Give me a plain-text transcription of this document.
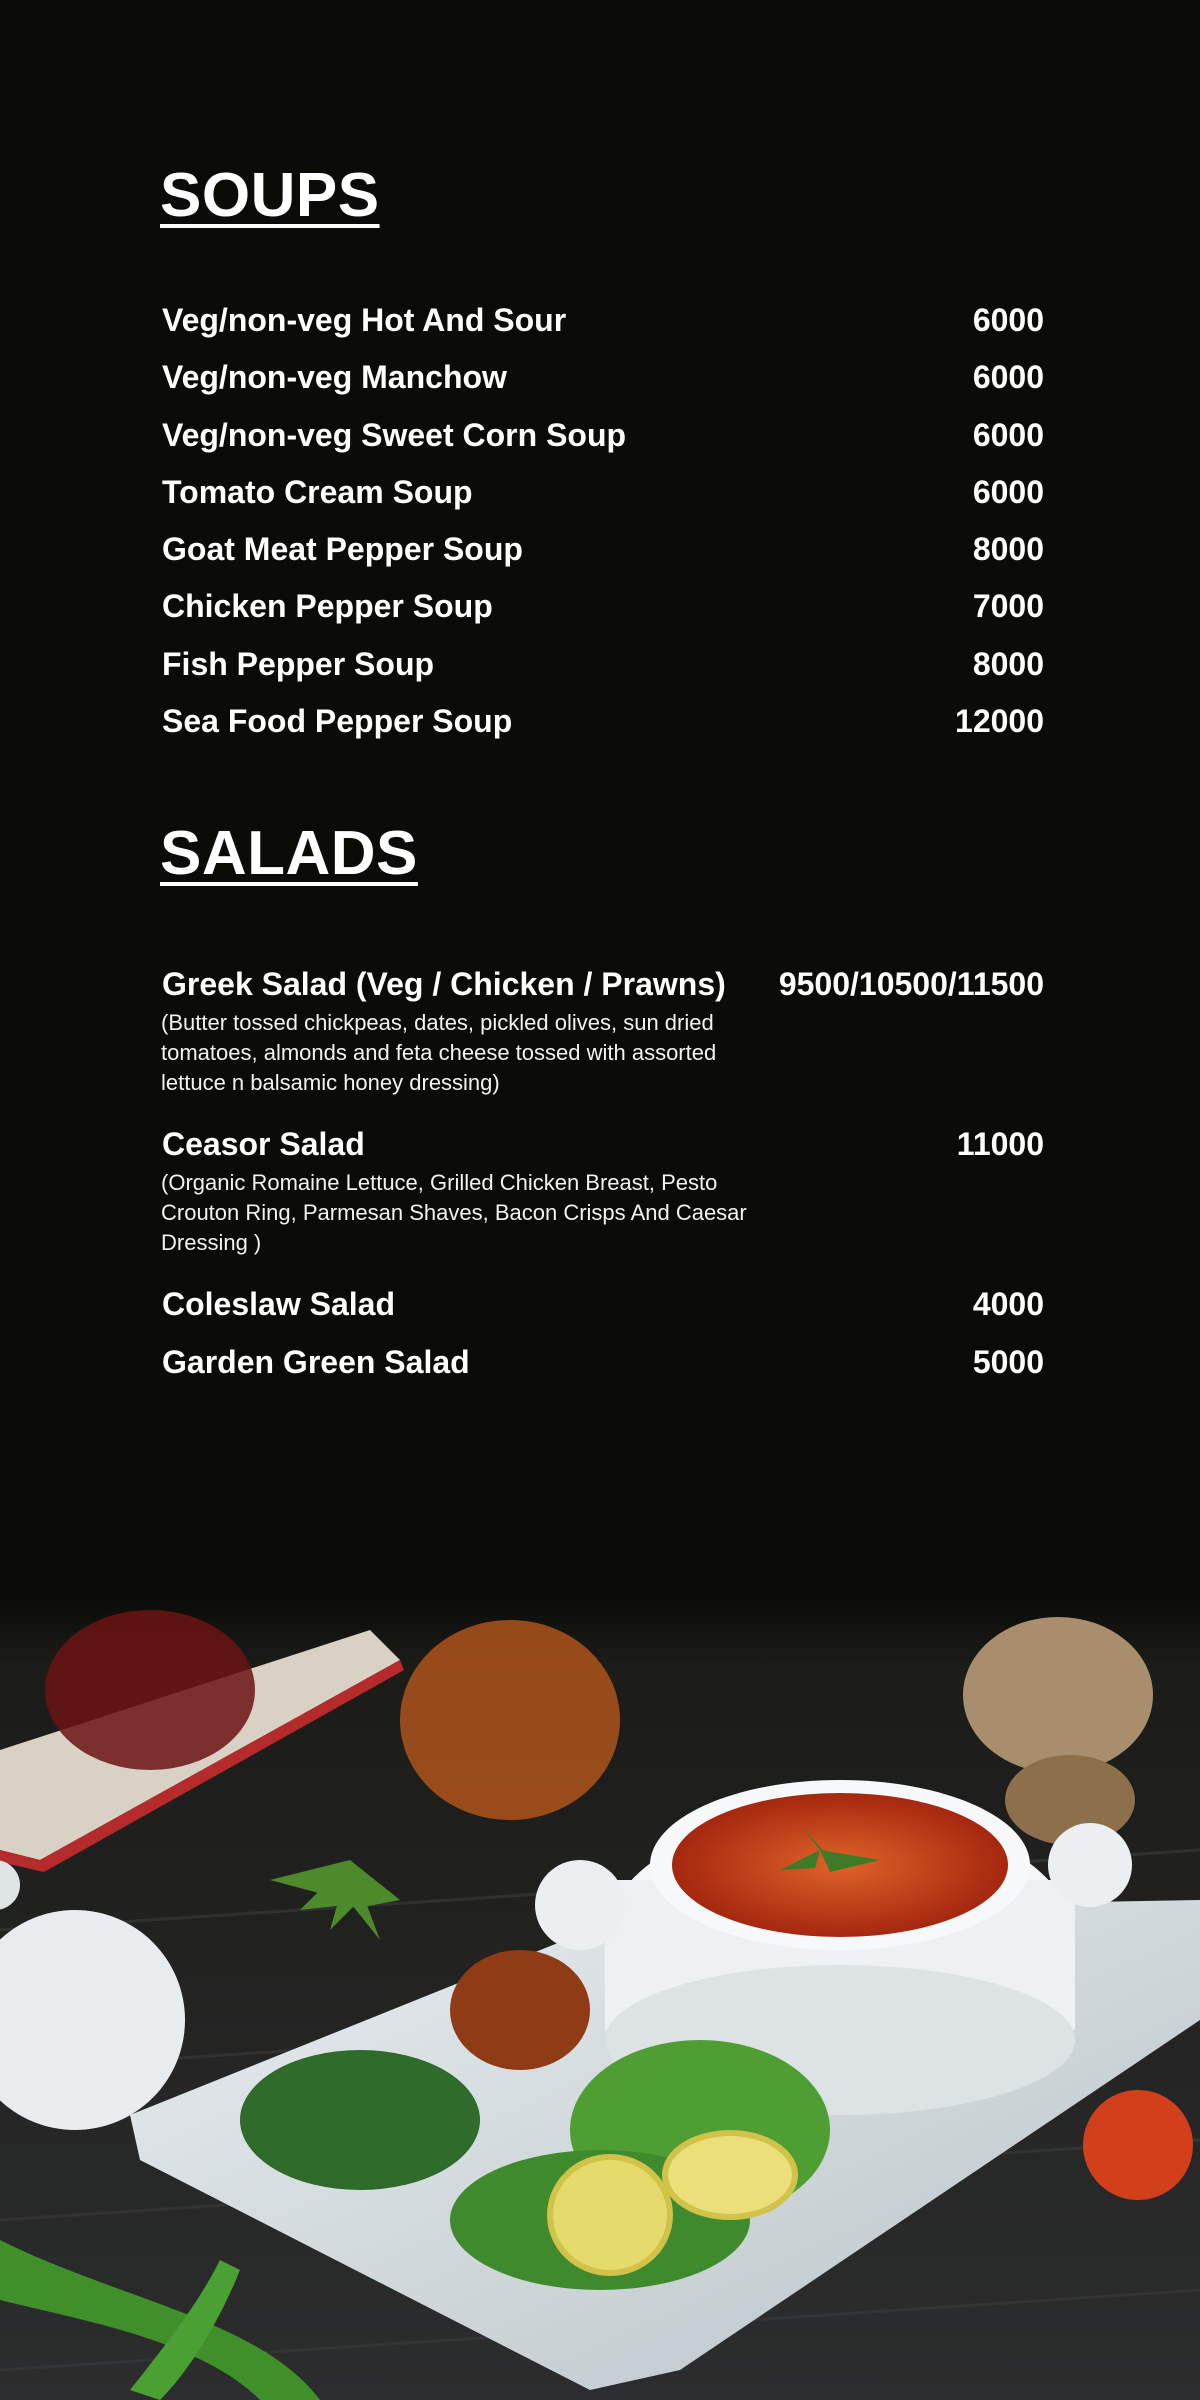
SOUPS
Veg/non-veg Hot And Sour	6000
Veg/non-veg Manchow	6000
Veg/non-veg Sweet Corn Soup	6000
Tomato Cream Soup	6000
Goat Meat Pepper Soup	8000
Chicken Pepper Soup	7000
Fish Pepper Soup	8000
Sea Food Pepper Soup	12000
SALADS
Greek Salad (Veg / Chicken / Prawns) 9500/10500/11500
(Butter tossed chickpeas, dates, pickled olives, sun dried tomatoes, almonds and feta cheese tossed with assorted lettuce n balsamic honey dressing)
Ceasor Salad	11000
(Organic Romaine Lettuce, Grilled Chicken Breast, Pesto Crouton Ring, Parmesan Shaves, Bacon Crisps And Caesar Dressing )
Coleslaw Salad	4000
Garden Green Salad	5000
